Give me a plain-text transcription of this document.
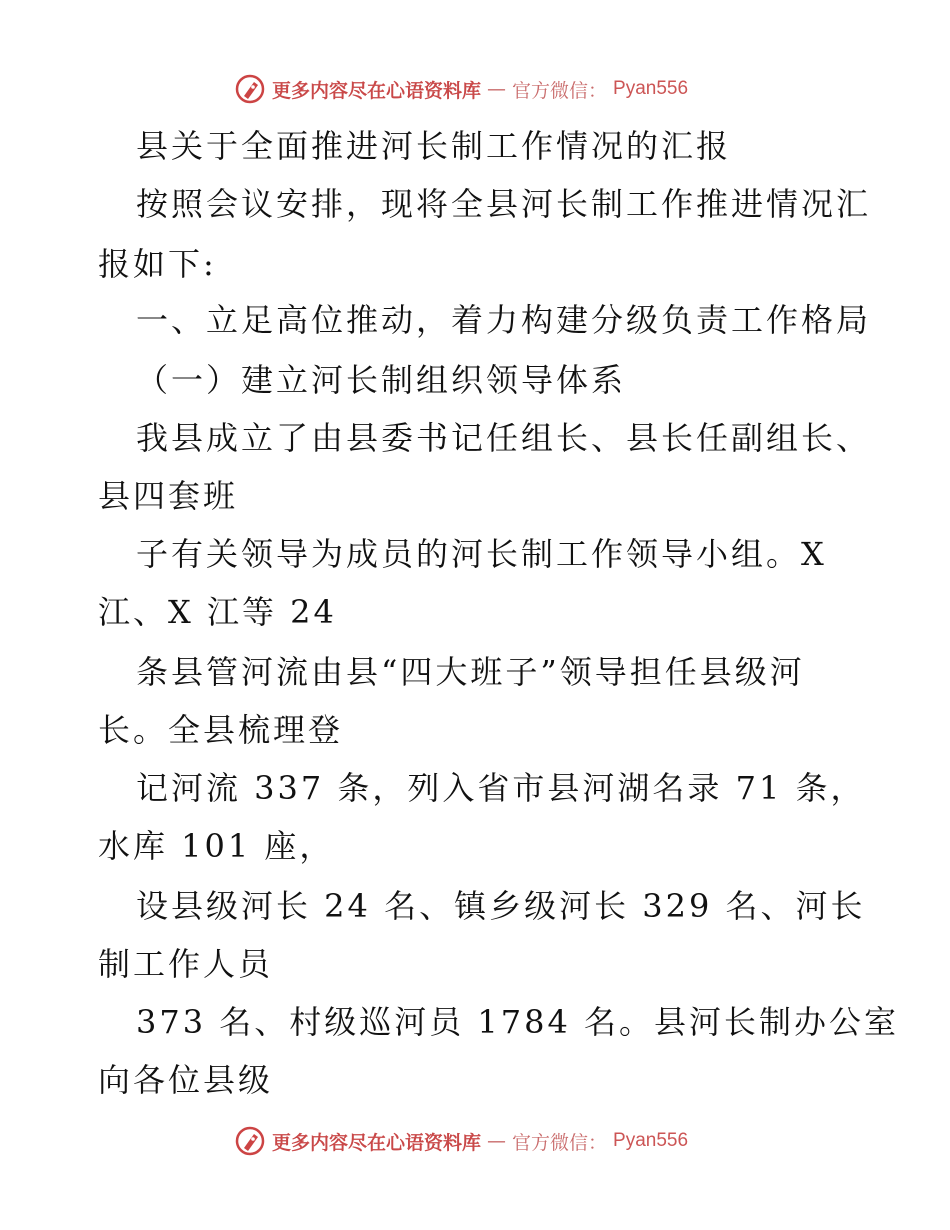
更多内容尽在心语资料库 — 官方微信： Pyan556
县关于全面推进河长制工作情况的汇报
按照会议安排，现将全县河长制工作推进情况汇
报如下:
一、立足高位推动，着力构建分级负责工作格局
（一）建立河长制组织领导体系
我县成立了由县委书记任组长、县长任副组长、
县四套班
子有关领导为成员的河长制工作领导小组。X
江、X 江等 24
条县管河流由县“四大班子”领导担任县级河
长。全县梳理登
记河流 337 条，列入省市县河湖名录 71 条，
水库 101 座，
设县级河长 24 名、镇乡级河长 329 名、河长
制工作人员
373 名、村级巡河员 1784 名。县河长制办公室
向各位县级
更多内容尽在心语资料库 — 官方微信： Pyan556
